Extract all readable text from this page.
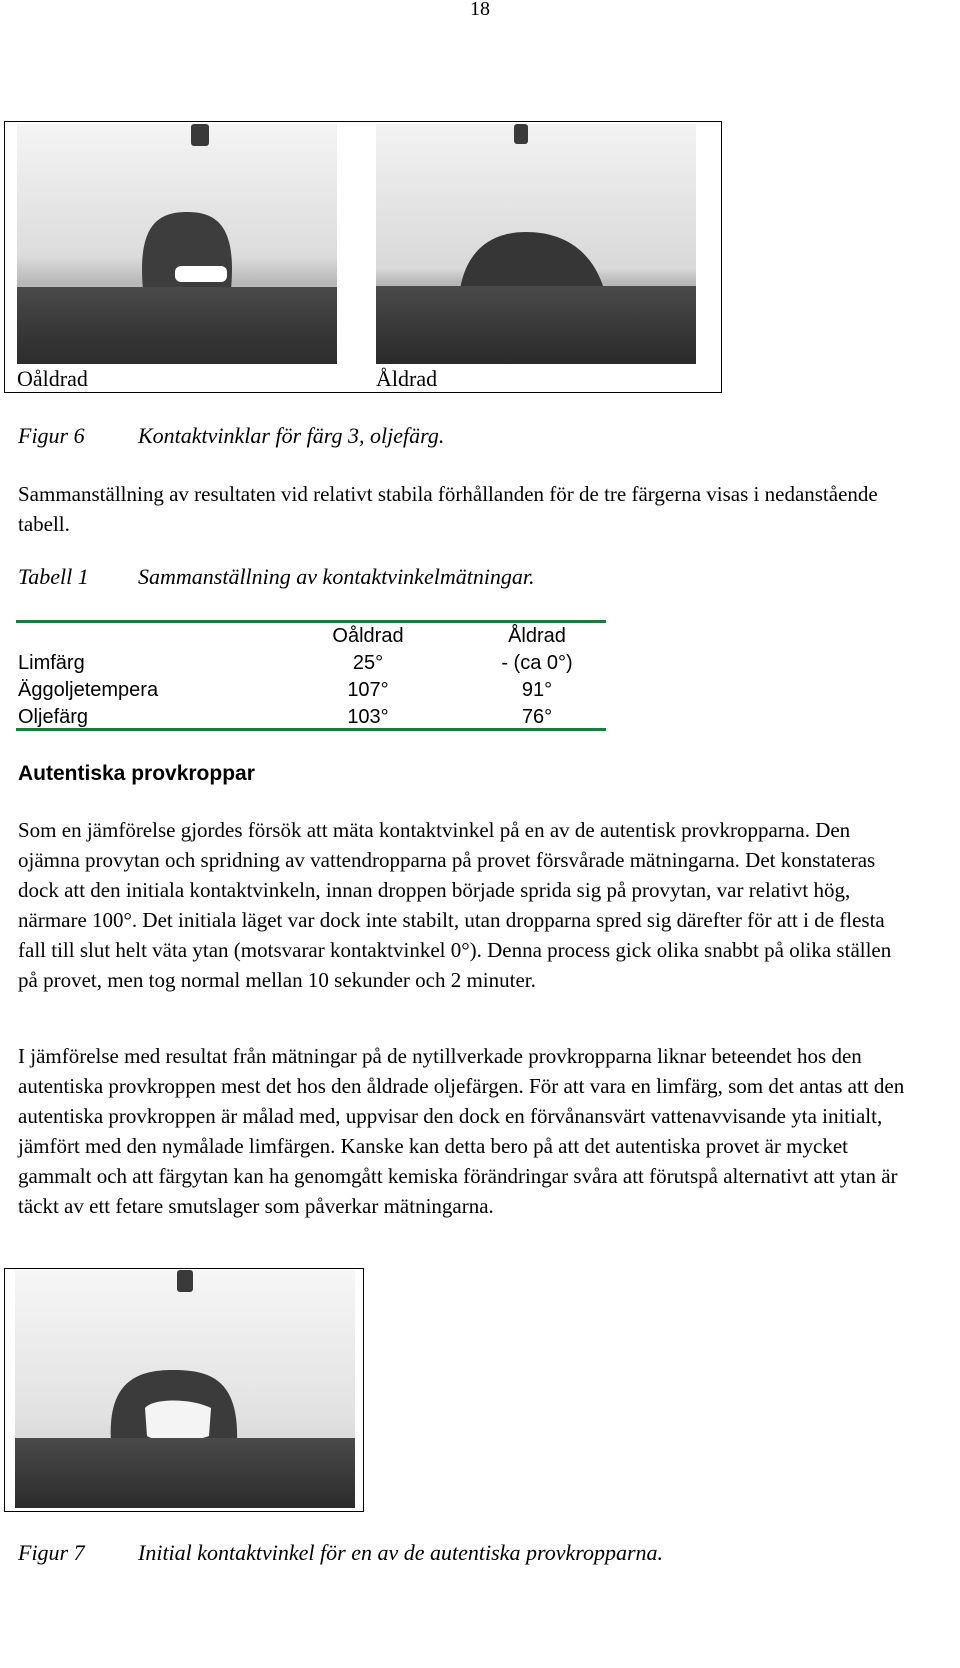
18
Oåldrad	Åldrad
Figur 6 Kontaktvinklar för färg 3, oljefärg.
Sammanställning av resultaten vid relativt stabila förhållanden för de tre färgerna visas i nedanstående tabell.
Tabell 1 Sammanställning av kontaktvinkelmätningar.
	Oåldrad	Åldrad
Limfärg	25°	- (ca 0°)
Äggoljetempera	107°	91°
Oljefärg	103°	76°
Autentiska provkroppar
Som en jämförelse gjordes försök att mäta kontaktvinkel på en av de autentisk provkropparna. Den ojämna provytan och spridning av vattendropparna på provet försvårade mätningarna. Det konstateras dock att den initiala kontaktvinkeln, innan droppen började sprida sig på provytan, var relativt hög, närmare 100°. Det initiala läget var dock inte stabilt, utan dropparna spred sig därefter för att i de flesta fall till slut helt väta ytan (motsvarar kontaktvinkel 0°). Denna process gick olika snabbt på olika ställen på provet, men tog normal mellan 10 sekunder och 2 minuter.
I jämförelse med resultat från mätningar på de nytillverkade provkropparna liknar beteendet hos den autentiska provkroppen mest det hos den åldrade oljefärgen. För att vara en limfärg, som det antas att den autentiska provkroppen är målad med, uppvisar den dock en förvånansvärt vattenavvisande yta initialt, jämfört med den nymålade limfärgen. Kanske kan detta bero på att det autentiska provet är mycket gammalt och att färgytan kan ha genomgått kemiska förändringar svåra att förutspå alternativt att ytan är täckt av ett fetare smutslager som påverkar mätningarna.
Figur 7 Initial kontaktvinkel för en av de autentiska provkropparna.
